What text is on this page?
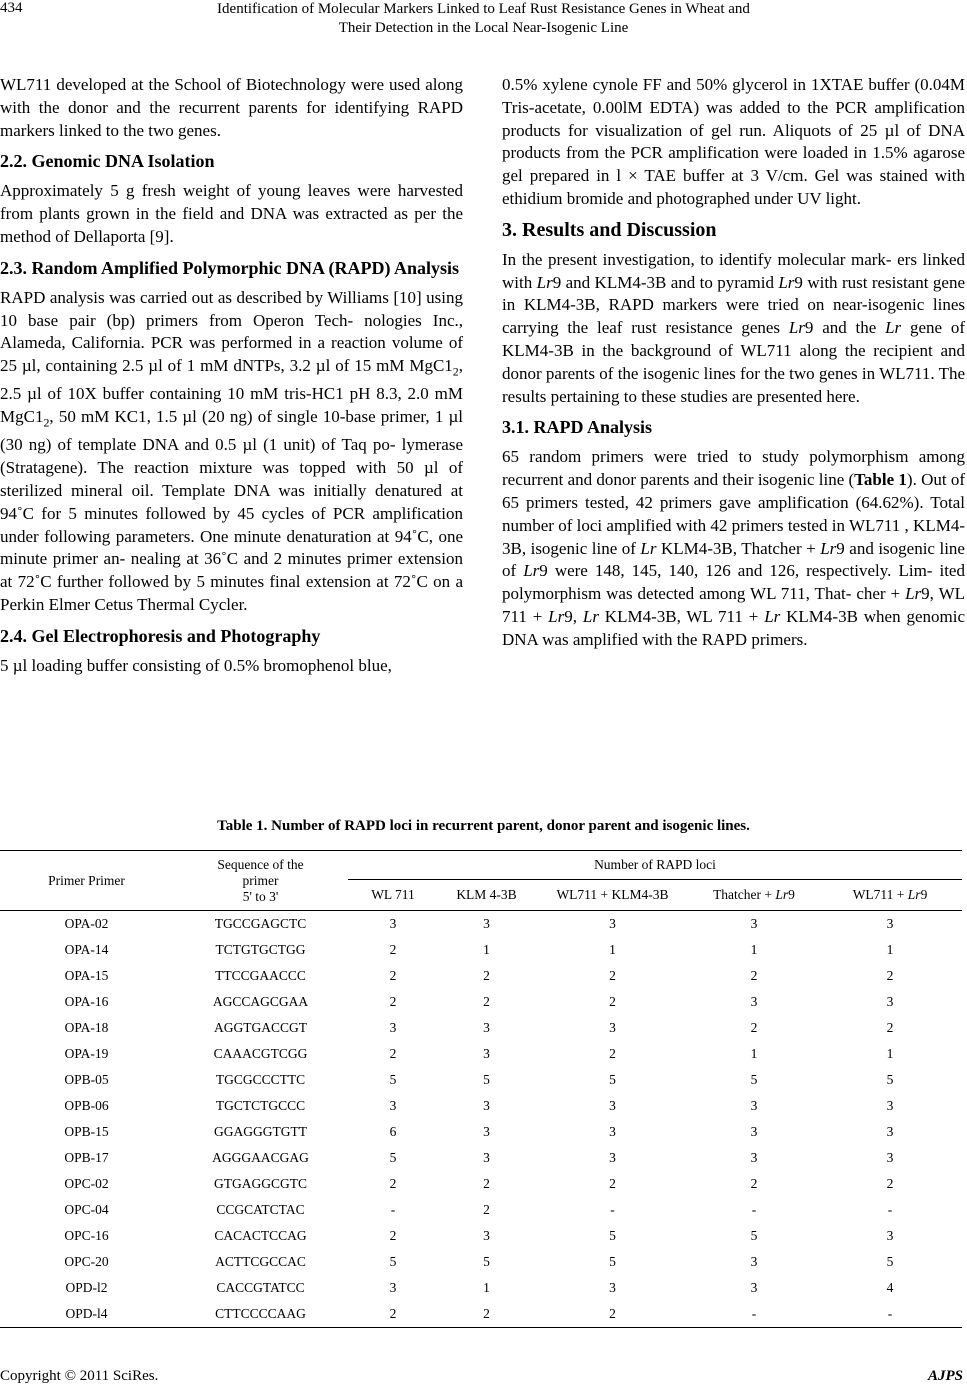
434	Identification of Molecular Markers Linked to Leaf Rust Resistance Genes in Wheat and
Their Detection in the Local Near-Isogenic Line

WL711 developed at the School of Biotechnology were used along with the donor and the recurrent parents for identifying RAPD markers linked to the two genes.

2.2. Genomic DNA Isolation

Approximately 5 g fresh weight of young leaves were harvested from plants grown in the field and DNA was extracted as per the method of Dellaporta [9].

2.3. Random Amplified Polymorphic DNA (RAPD) Analysis

RAPD analysis was carried out as described by Williams [10] using 10 base pair (bp) primers from Operon Tech- nologies Inc., Alameda, California. PCR was performed in a reaction volume of 25 µl, containing 2.5 µl of 1 mM dNTPs, 3.2 µl of 15 mM $MgC1_2$, 2.5 µl of 10X buffer containing 10 mM tris-HC1 pH 8.3, 2.0 mM $MgC1_2$, 50 mM KC1, 1.5 µl (20 ng) of single 10-base primer, 1 µl (30 ng) of template DNA and 0.5 µl (1 unit) of Taq po- lymerase (Stratagene). The reaction mixture was topped with 50 µl of sterilized mineral oil. Template DNA was initially denatured at 94˚C for 5 minutes followed by 45 cycles of PCR amplification under following parameters. One minute denaturation at 94˚C, one minute primer an- nealing at 36˚C and 2 minutes primer extension at 72˚C further followed by 5 minutes final extension at 72˚C on a Perkin Elmer Cetus Thermal Cycler.

2.4. Gel Electrophoresis and Photography

5 µl loading buffer consisting of 0.5% bromophenol blue,

0.5% xylene cynole FF and 50% glycerol in 1XTAE buffer (0.04M Tris-acetate, 0.00lM EDTA) was added to the PCR amplification products for visualization of gel run. Aliquots of 25 µl of DNA products from the PCR amplification were loaded in 1.5% agarose gel prepared in l × TAE buffer at 3 V/cm. Gel was stained with ethidium bromide and photographed under UV light.

3. Results and Discussion

In the present investigation, to identify molecular mark- ers linked with Lr9 and KLM4-3B and to pyramid Lr9 with rust resistant gene in KLM4-3B, RAPD markers were tried on near-isogenic lines carrying the leaf rust resistance genes Lr9 and the Lr gene of KLM4-3B in the background of WL711 along the recipient and donor parents of the isogenic lines for the two genes in WL711. The results pertaining to these studies are presented here.

3.1. RAPD Analysis

65 random primers were tried to study polymorphism among recurrent and donor parents and their isogenic line (Table 1). Out of 65 primers tested, 42 primers gave amplification (64.62%). Total number of loci amplified with 42 primers tested in WL711 , KLM4-3B, isogenic line of Lr KLM4-3B, Thatcher + Lr9 and isogenic line of Lr9 were 148, 145, 140, 126 and 126, respectively. Lim- ited polymorphism was detected among WL 711, That- cher + Lr9, WL 711 + Lr9, Lr KLM4-3B, WL 711 + Lr KLM4-3B when genomic DNA was amplified with the RAPD primers.

Table 1. Number of RAPD loci in recurrent parent, donor parent and isogenic lines.
Primer Primer	Sequence of the
primer
5' to 3'	Number of RAPD loci				
		WL 711	KLM 4-3B	WL711 + KLM4-3B	Thatcher + Lr9	WL711 + Lr9
OPA-02	TGCCGAGCTC	3	3	3	3	3
OPA-14	TCTGTGCTGG	2	1	1	1	1
OPA-15	TTCCGAACCC	2	2	2	2	2
OPA-16	AGCCAGCGAA	2	2	2	3	3
OPA-18	AGGTGACCGT	3	3	3	2	2
OPA-19	CAAACGTCGG	2	3	2	1	1
OPB-05	TGCGCCCTTC	5	5	5	5	5
OPB-06	TGCTCTGCCC	3	3	3	3	3
OPB-15	GGAGGGTGTT	6	3	3	3	3
OPB-17	AGGGAACGAG	5	3	3	3	3
OPC-02	GTGAGGCGTC	2	2	2	2	2
OPC-04	CCGCATCTAC	-	2	-	-	-
OPC-16	CACACTCCAG	2	3	5	5	3
OPC-20	ACTTCGCCAC	5	5	5	3	5
OPD-l2	CACCGTATCC	3	1	3	3	4
OPD-l4	CTTCCCCAAG	2	2	2	-	-
Copyright © 2011 SciRes.	AJPS
